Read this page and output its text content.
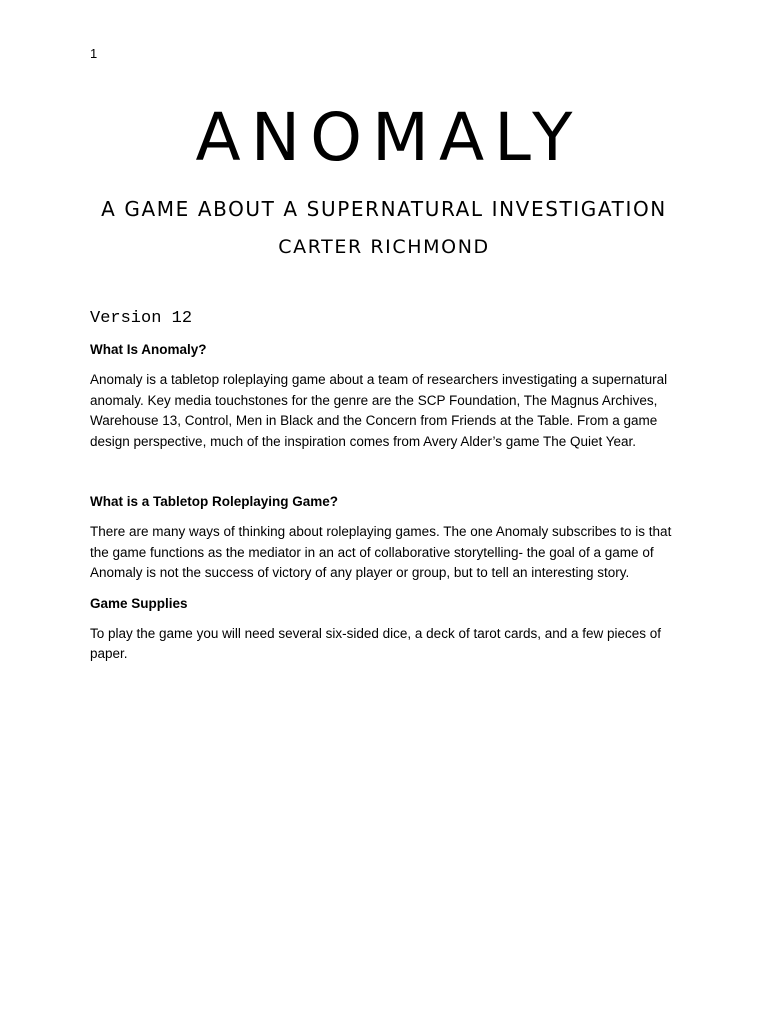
1
ANOMALY
A GAME ABOUT A SUPERNATURAL INVESTIGATION
CARTER RICHMOND
Version 12
What Is Anomaly?

Anomaly is a tabletop roleplaying game about a team of researchers investigating a supernatural anomaly. Key media touchstones for the genre are the SCP Foundation, The Magnus Archives, Warehouse 13, Control, Men in Black and the Concern from Friends at the Table. From a game design perspective, much of the inspiration comes from Avery Alder’s game The Quiet Year.

What is a Tabletop Roleplaying Game?

There are many ways of thinking about roleplaying games. The one Anomaly subscribes to is that the game functions as the mediator in an act of collaborative storytelling- the goal of a game of Anomaly is not the success of victory of any player or group, but to tell an interesting story.

Game Supplies

To play the game you will need several six-sided dice, a deck of tarot cards, and a few pieces of paper.
